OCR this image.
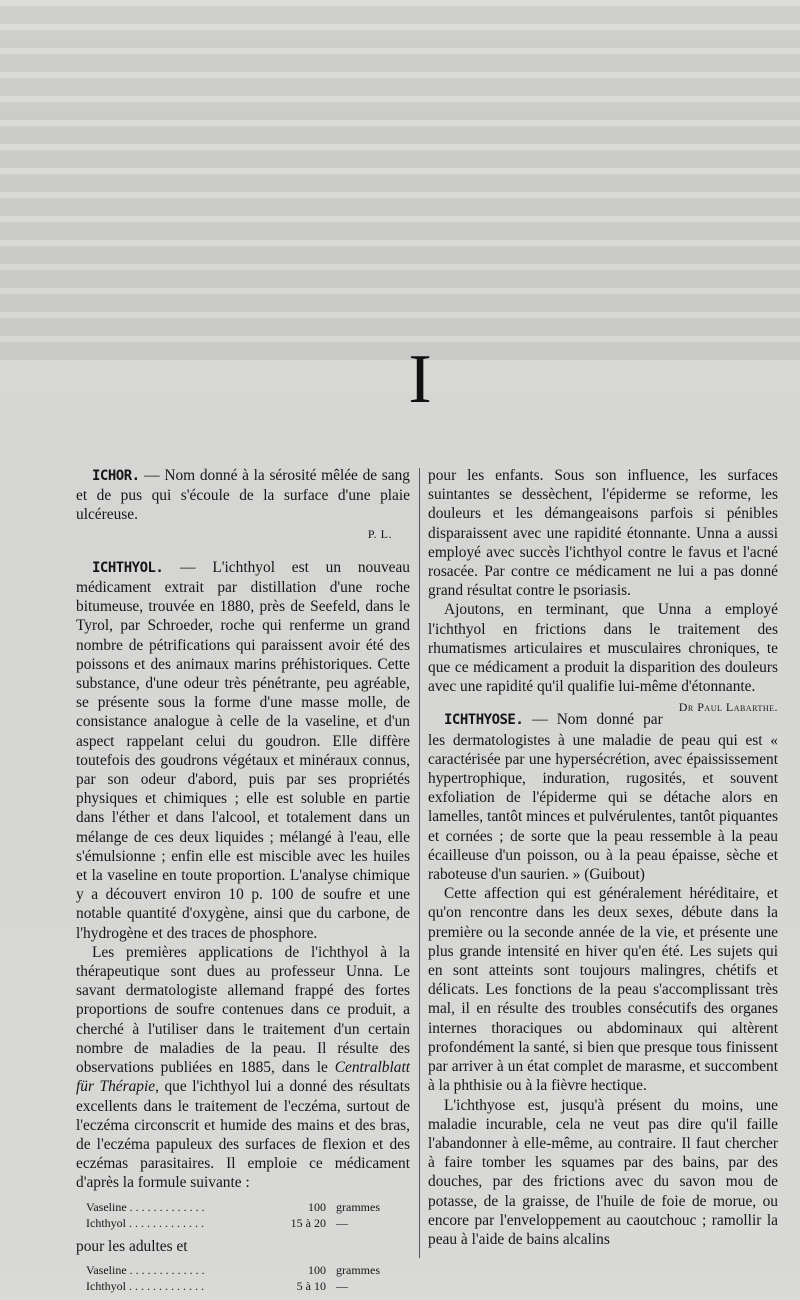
I

ICHOR. — Nom donné à la sérosité mêlée de sang et de pus qui s'écoule de la surface d'une plaie ulcéreuse.

P. L.

ICHTHYOL. — L'ichthyol est un nouveau médicament extrait par distillation d'une roche bitumeuse, trouvée en 1880, près de Seefeld, dans le Tyrol, par Schroeder, roche qui renferme un grand nombre de pétrifications qui paraissent avoir été des poissons et des animaux marins préhistoriques. Cette substance, d'une odeur très pénétrante, peu agréable, se présente sous la forme d'une masse molle, de consistance analogue à celle de la vaseline, et d'un aspect rappelant celui du goudron. Elle diffère toutefois des goudrons végétaux et minéraux connus, par son odeur d'abord, puis par ses propriétés physiques et chimiques ; elle est soluble en partie dans l'éther et dans l'alcool, et totalement dans un mélange de ces deux liquides ; mélangé à l'eau, elle s'émulsionne ; enfin elle est miscible avec les huiles et la vaseline en toute proportion. L'analyse chimique y a découvert environ 10 p. 100 de soufre et une notable quantité d'oxygène, ainsi que du carbone, de l'hydrogène et des traces de phosphore.

Les premières applications de l'ichthyol à la thérapeutique sont dues au professeur Unna. Le savant dermatologiste allemand frappé des fortes proportions de soufre contenues dans ce produit, a cherché à l'utiliser dans le traitement d'un certain nombre de maladies de la peau. Il résulte des observations publiées en 1885, dans le Centralblatt für Thérapie, que l'ichthyol lui a donné des résultats excellents dans le traitement de l'eczéma, surtout de l'eczéma circonscrit et humide des mains et des bras, de l'eczéma papuleux des surfaces de flexion et des eczémas parasitaires. Il emploie ce médicament d'après la formule suivante :

Vaseline . . . . . . . . . . . . .	100 grammes
Ichthyol . . . . . . . . . . . . .	15 à 20 —

pour les adultes et

Vaseline . . . . . . . . . . . . .	100 grammes
Ichthyol . . . . . . . . . . . . .	5 à 10 —

pour les enfants. Sous son influence, les surfaces suintantes se dessèchent, l'épiderme se reforme, les douleurs et les démangeaisons parfois si pénibles disparaissent avec une rapidité étonnante. Unna a aussi employé avec succès l'ichthyol contre le favus et l'acné rosacée. Par contre ce médicament ne lui a pas donné grand résultat contre le psoriasis.

Ajoutons, en terminant, que Unna a employé l'ichthyol en frictions dans le traitement des rhumatismes articulaires et musculaires chroniques, te que ce médicament a produit la disparition des douleurs avec une rapidité qu'il qualifie lui-même d'étonnante.
Dr Paul Labarthe.

ICHTHYOSE. — Nom donné par les dermatologistes à une maladie de peau qui est « caractérisée par une hypersécrétion, avec épaississement hypertrophique, induration, rugosités, et souvent exfoliation de l'épiderme qui se détache alors en lamelles, tantôt minces et pulvérulentes, tantôt piquantes et cornées ; de sorte que la peau ressemble à la peau écailleuse d'un poisson, ou à la peau épaisse, sèche et raboteuse d'un saurien. » (Guibout)

Cette affection qui est généralement héréditaire, et qu'on rencontre dans les deux sexes, débute dans la première ou la seconde année de la vie, et présente une plus grande intensité en hiver qu'en été. Les sujets qui en sont atteints sont toujours malingres, chétifs et délicats. Les fonctions de la peau s'accomplissant très mal, il en résulte des troubles consécutifs des organes internes thoraciques ou abdominaux qui altèrent profondément la santé, si bien que presque tous finissent par arriver à un état complet de marasme, et succombent à la phthisie ou à la fièvre hectique.

L'ichthyose est, jusqu'à présent du moins, une maladie incurable, cela ne veut pas dire qu'il faille l'abandonner à elle-même, au contraire. Il faut chercher à faire tomber les squames par des bains, par des douches, par des frictions avec du savon mou de potasse, de la graisse, de l'huile de foie de morue, ou encore par l'enveloppement au caoutchouc ; ramollir la peau à l'aide de bains alcalins
